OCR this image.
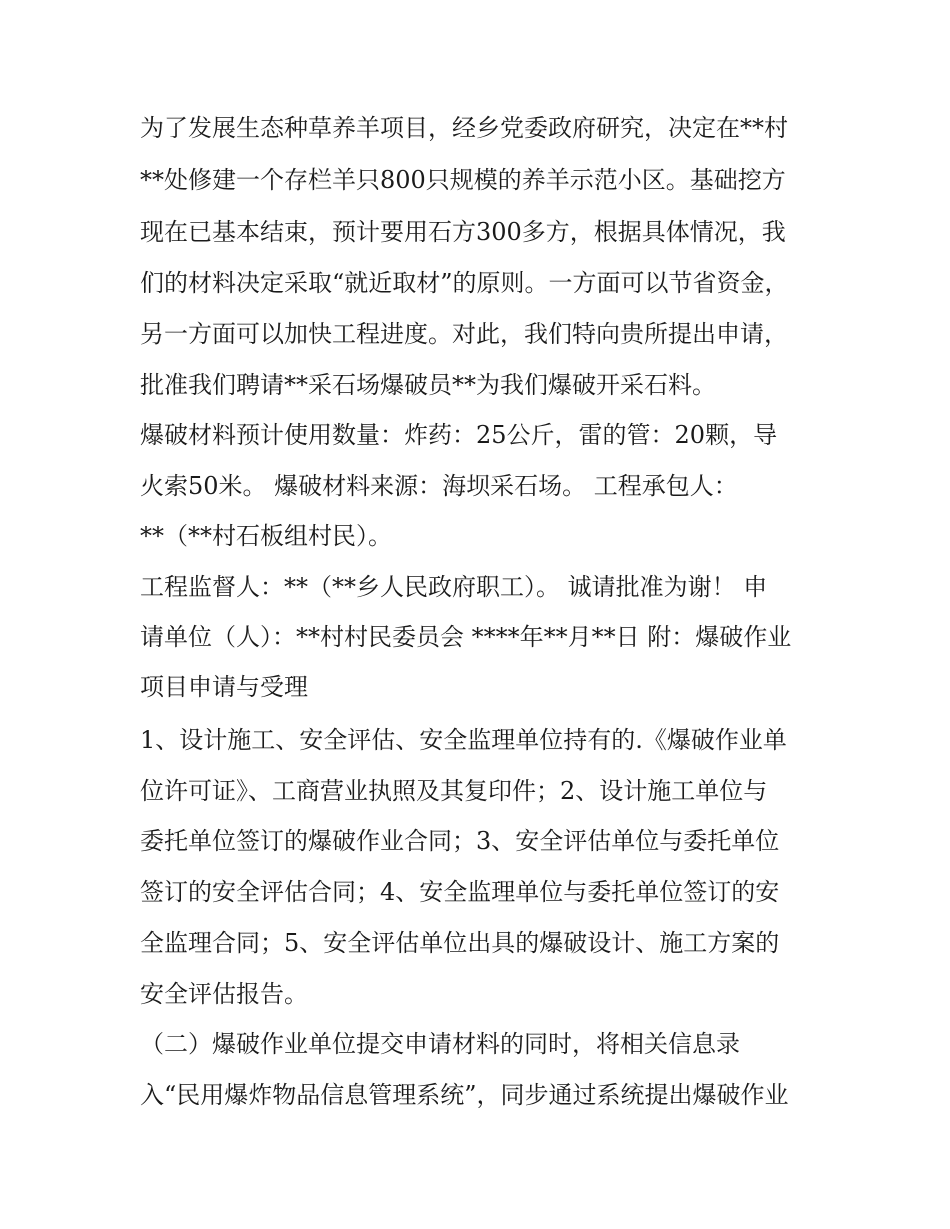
为了发展生态种草养羊项目，经乡党委政府研究，决定在**村
**处修建一个存栏羊只800只规模的养羊示范小区。基础挖方
现在已基本结束，预计要用石方300多方，根据具体情况，我
们的材料决定采取“就近取材”的原则。一方面可以节省资金，
另一方面可以加快工程进度。对此，我们特向贵所提出申请，
批准我们聘请**采石场爆破员**为我们爆破开采石料。
爆破材料预计使用数量：炸药：25公斤，雷的管：20颗，导
火索50米。 爆破材料来源：海坝采石场。 工程承包人：
**（**村石板组村民）。
工程监督人：**（**乡人民政府职工）。 诚请批准为谢！ 申
请单位（人）：**村村民委员会 ****年**月**日 附：爆破作业
项目申请与受理
1、设计施工、安全评估、安全监理单位持有的.《爆破作业单
位许可证》、工商营业执照及其复印件；2、设计施工单位与
委托单位签订的爆破作业合同；3、安全评估单位与委托单位
签订的安全评估合同；4、安全监理单位与委托单位签订的安
全监理合同；5、安全评估单位出具的爆破设计、施工方案的
安全评估报告。
（二）爆破作业单位提交申请材料的同时，将相关信息录
入“民用爆炸物品信息管理系统”，同步通过系统提出爆破作业
